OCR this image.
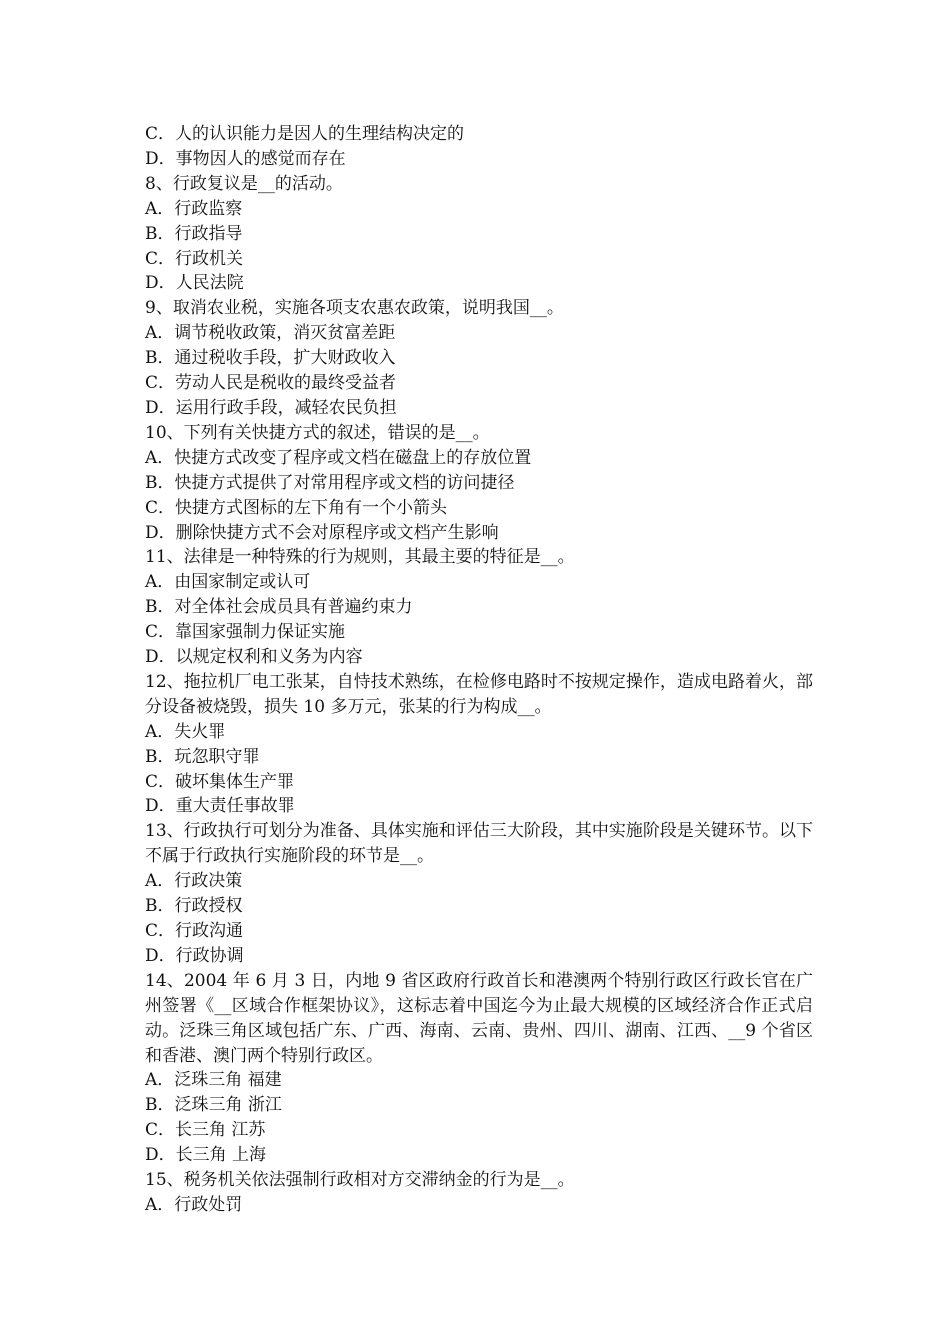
C．人的认识能力是因人的生理结构决定的

D．事物因人的感觉而存在

8、行政复议是__的活动。

A．行政监察

B．行政指导

C．行政机关

D．人民法院

9、取消农业税，实施各项支农惠农政策，说明我国__。

A．调节税收政策，消灭贫富差距

B．通过税收手段，扩大财政收入

C．劳动人民是税收的最终受益者

D．运用行政手段，减轻农民负担

10、下列有关快捷方式的叙述，错误的是__。

A．快捷方式改变了程序或文档在磁盘上的存放位置

B．快捷方式提供了对常用程序或文档的访问捷径

C．快捷方式图标的左下角有一个小箭头

D．删除快捷方式不会对原程序或文档产生影响

11、法律是一种特殊的行为规则，其最主要的特征是__。

A．由国家制定或认可

B．对全体社会成员具有普遍约束力

C．靠国家强制力保证实施

D．以规定权利和义务为内容

12、拖拉机厂电工张某，自恃技术熟练，在检修电路时不按规定操作，造成电路着火，部分设备被烧毁，损失 10 多万元，张某的行为构成__。

A．失火罪

B．玩忽职守罪

C．破坏集体生产罪

D．重大责任事故罪

13、行政执行可划分为准备、具体实施和评估三大阶段，其中实施阶段是关键环节。以下不属于行政执行实施阶段的环节是__。

A．行政决策

B．行政授权

C．行政沟通

D．行政协调

14、2004 年 6 月 3 日，内地 9 省区政府行政首长和港澳两个特别行政区行政长官在广州签署《__区域合作框架协议》，这标志着中国迄今为止最大规模的区域经济合作正式启动。泛珠三角区域包括广东、广西、海南、云南、贵州、四川、湖南、江西、__9 个省区和香港、澳门两个特别行政区。

A．泛珠三角 福建

B．泛珠三角 浙江

C．长三角 江苏

D．长三角 上海

15、税务机关依法强制行政相对方交滞纳金的行为是__。

A．行政处罚
